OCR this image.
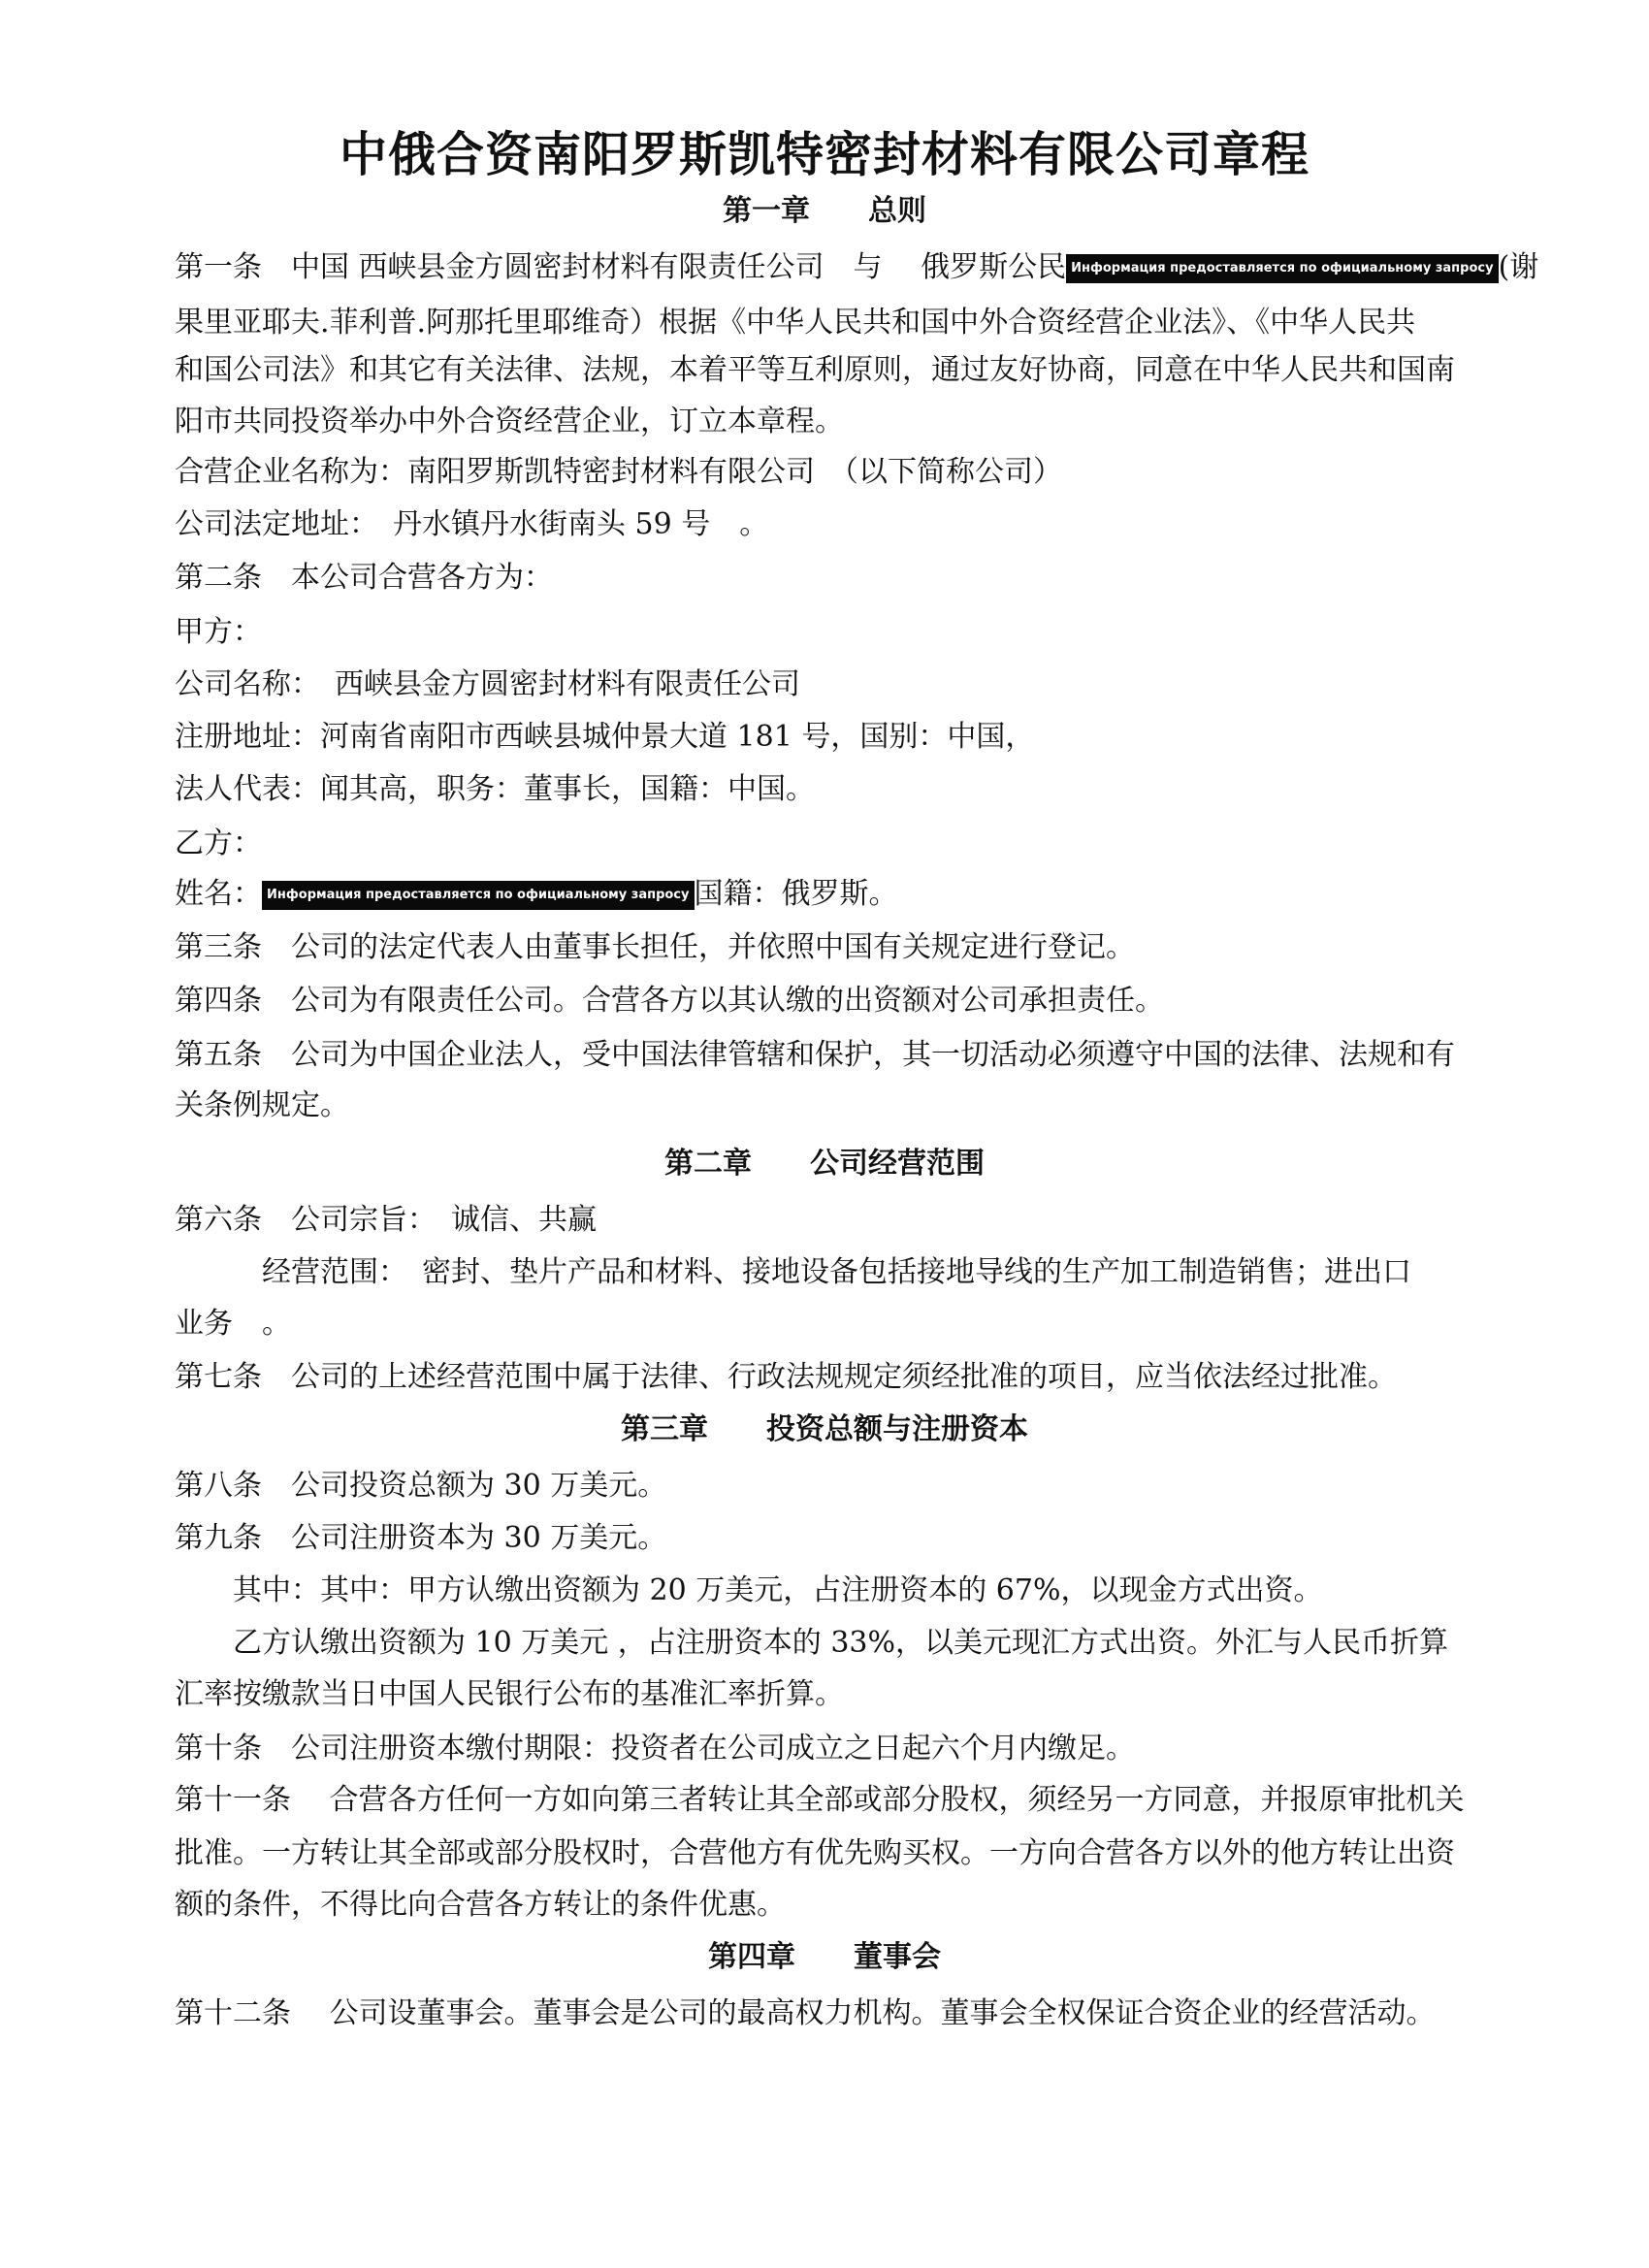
中俄合资南阳罗斯凯特密封材料有限公司章程
第一章　　总则
第一条　中国 西峡县金方圆密封材料有限责任公司　与　 俄罗斯公民 Информация предоставляется по официальному запросу (谢
果里亚耶夫.菲利普.阿那托里耶维奇）根据《中华人民共和国中外合资经营企业法》、《中华人民共
和国公司法》和其它有关法律、法规，本着平等互利原则，通过友好协商，同意在中华人民共和国南
阳市共同投资举办中外合资经营企业，订立本章程。
合营企业名称为：南阳罗斯凯特密封材料有限公司　（以下简称公司）
公司法定地址：　丹水镇丹水街南头 59 号　。
第二条　本公司合营各方为：
甲方：
公司名称：　西峡县金方圆密封材料有限责任公司
注册地址：河南省南阳市西峡县城仲景大道 181 号，国别：中国，
法人代表：闻其高，职务：董事长，国籍：中国。
乙方：
姓名： Информация предоставляется по официальному запросу 国籍：俄罗斯。
第三条　公司的法定代表人由董事长担任，并依照中国有关规定进行登记。
第四条　公司为有限责任公司。合营各方以其认缴的出资额对公司承担责任。
第五条　公司为中国企业法人，受中国法律管辖和保护，其一切活动必须遵守中国的法律、法规和有
关条例规定。
第二章　　公司经营范围
第六条　公司宗旨：　诚信、共赢
　　　经营范围：　密封、垫片产品和材料、接地设备包括接地导线的生产加工制造销售；进出口
业务　。
第七条　公司的上述经营范围中属于法律、行政法规规定须经批准的项目，应当依法经过批准。
第三章　　投资总额与注册资本
第八条　公司投资总额为 30 万美元。
第九条　公司注册资本为 30 万美元。
　　其中：其中：甲方认缴出资额为 20 万美元，占注册资本的 67%，以现金方式出资。
　　乙方认缴出资额为 10 万美元 ，占注册资本的 33%，以美元现汇方式出资。外汇与人民币折算
汇率按缴款当日中国人民银行公布的基准汇率折算。
第十条　公司注册资本缴付期限：投资者在公司成立之日起六个月内缴足。
第十一条　 合营各方任何一方如向第三者转让其全部或部分股权，须经另一方同意，并报原审批机关
批准。一方转让其全部或部分股权时，合营他方有优先购买权。一方向合营各方以外的他方转让出资
额的条件，不得比向合营各方转让的条件优惠。
第四章　　董事会
第十二条　 公司设董事会。董事会是公司的最高权力机构。董事会全权保证合资企业的经营活动。
